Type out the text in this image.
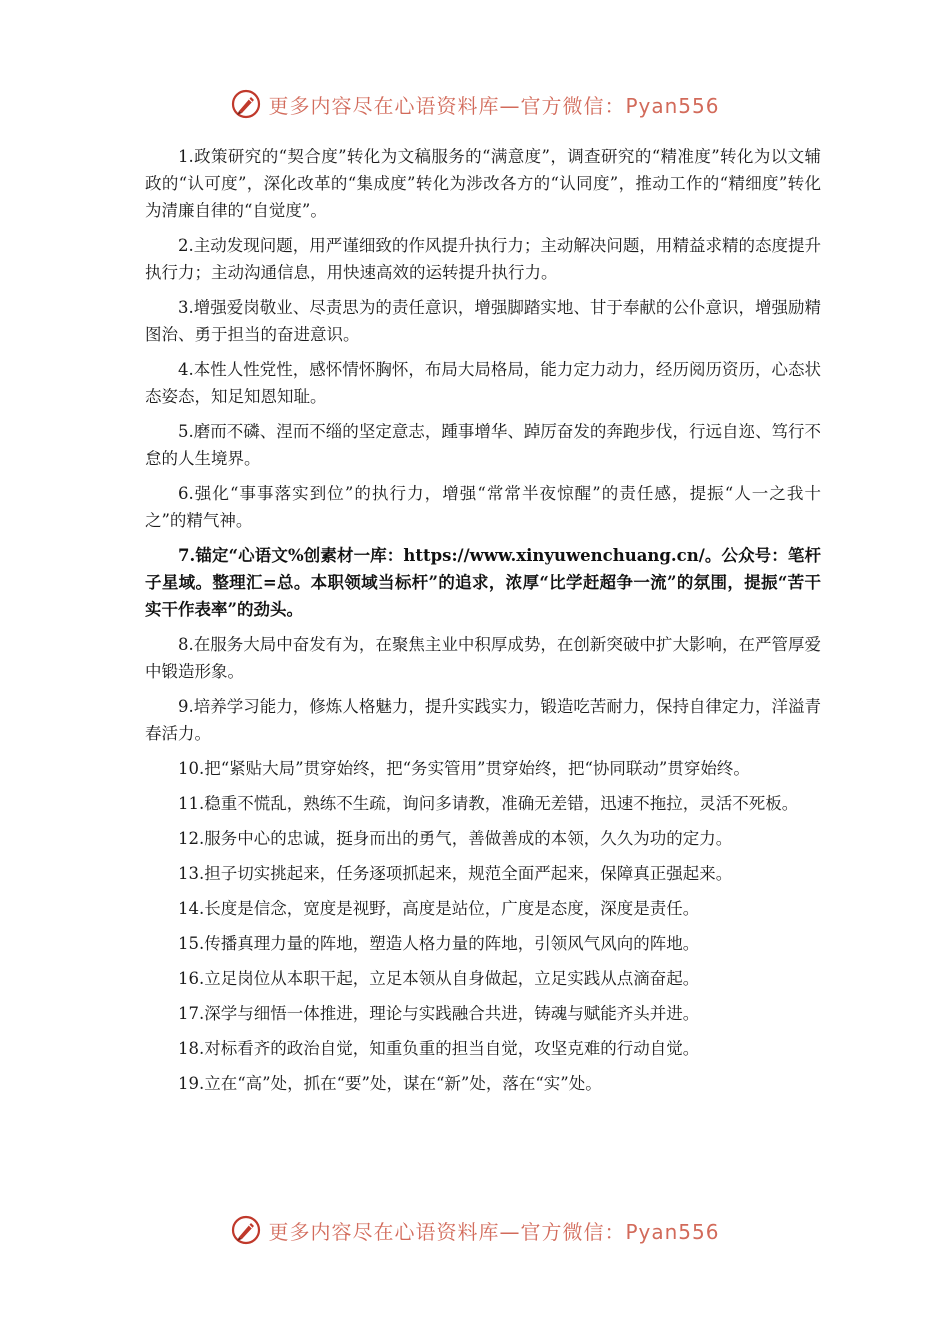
更多内容尽在心语资料库—官方微信：Pyan556

1.政策研究的“契合度”转化为文稿服务的“满意度”，调查研究的“精准度”转化为以文辅政的“认可度”，深化改革的“集成度”转化为涉改各方的“认同度”，推动工作的“精细度”转化为清廉自律的“自觉度”。

2.主动发现问题，用严谨细致的作风提升执行力；主动解决问题，用精益求精的态度提升执行力；主动沟通信息，用快速高效的运转提升执行力。

3.增强爱岗敬业、尽责思为的责任意识，增强脚踏实地、甘于奉献的公仆意识，增强励精图治、勇于担当的奋进意识。

4.本性人性党性，感怀情怀胸怀，布局大局格局，能力定力动力，经历阅历资历，心态状态姿态，知足知恩知耻。

5.磨而不磷、涅而不缁的坚定意志，踵事增华、踔厉奋发的奔跑步伐，行远自迩、笃行不怠的人生境界。

6.强化“事事落实到位”的执行力，增强“常常半夜惊醒”的责任感，提振“人一之我十之”的精气神。

7.锚定“心语文%创素材一库：https://www.xinyuwenchuang.cn/。公众号：笔杆子星域。整理汇=总。本职领域当标杆”的追求，浓厚“比学赶超争一流”的氛围，提振“苦干实干作表率”的劲头。

8.在服务大局中奋发有为，在聚焦主业中积厚成势，在创新突破中扩大影响，在严管厚爱中锻造形象。

9.培养学习能力，修炼人格魅力，提升实践实力，锻造吃苦耐力，保持自律定力，洋溢青春活力。

10.把“紧贴大局”贯穿始终，把“务实管用”贯穿始终，把“协同联动”贯穿始终。

11.稳重不慌乱，熟练不生疏，询问多请教，准确无差错，迅速不拖拉，灵活不死板。

12.服务中心的忠诚，挺身而出的勇气，善做善成的本领，久久为功的定力。

13.担子切实挑起来，任务逐项抓起来，规范全面严起来，保障真正强起来。

14.长度是信念，宽度是视野，高度是站位，广度是态度，深度是责任。

15.传播真理力量的阵地，塑造人格力量的阵地，引领风气风向的阵地。

16.立足岗位从本职干起，立足本领从自身做起，立足实践从点滴奋起。

17.深学与细悟一体推进，理论与实践融合共进，铸魂与赋能齐头并进。

18.对标看齐的政治自觉，知重负重的担当自觉，攻坚克难的行动自觉。

19.立在“高”处，抓在“要”处，谋在“新”处，落在“实”处。

更多内容尽在心语资料库—官方微信：Pyan556
